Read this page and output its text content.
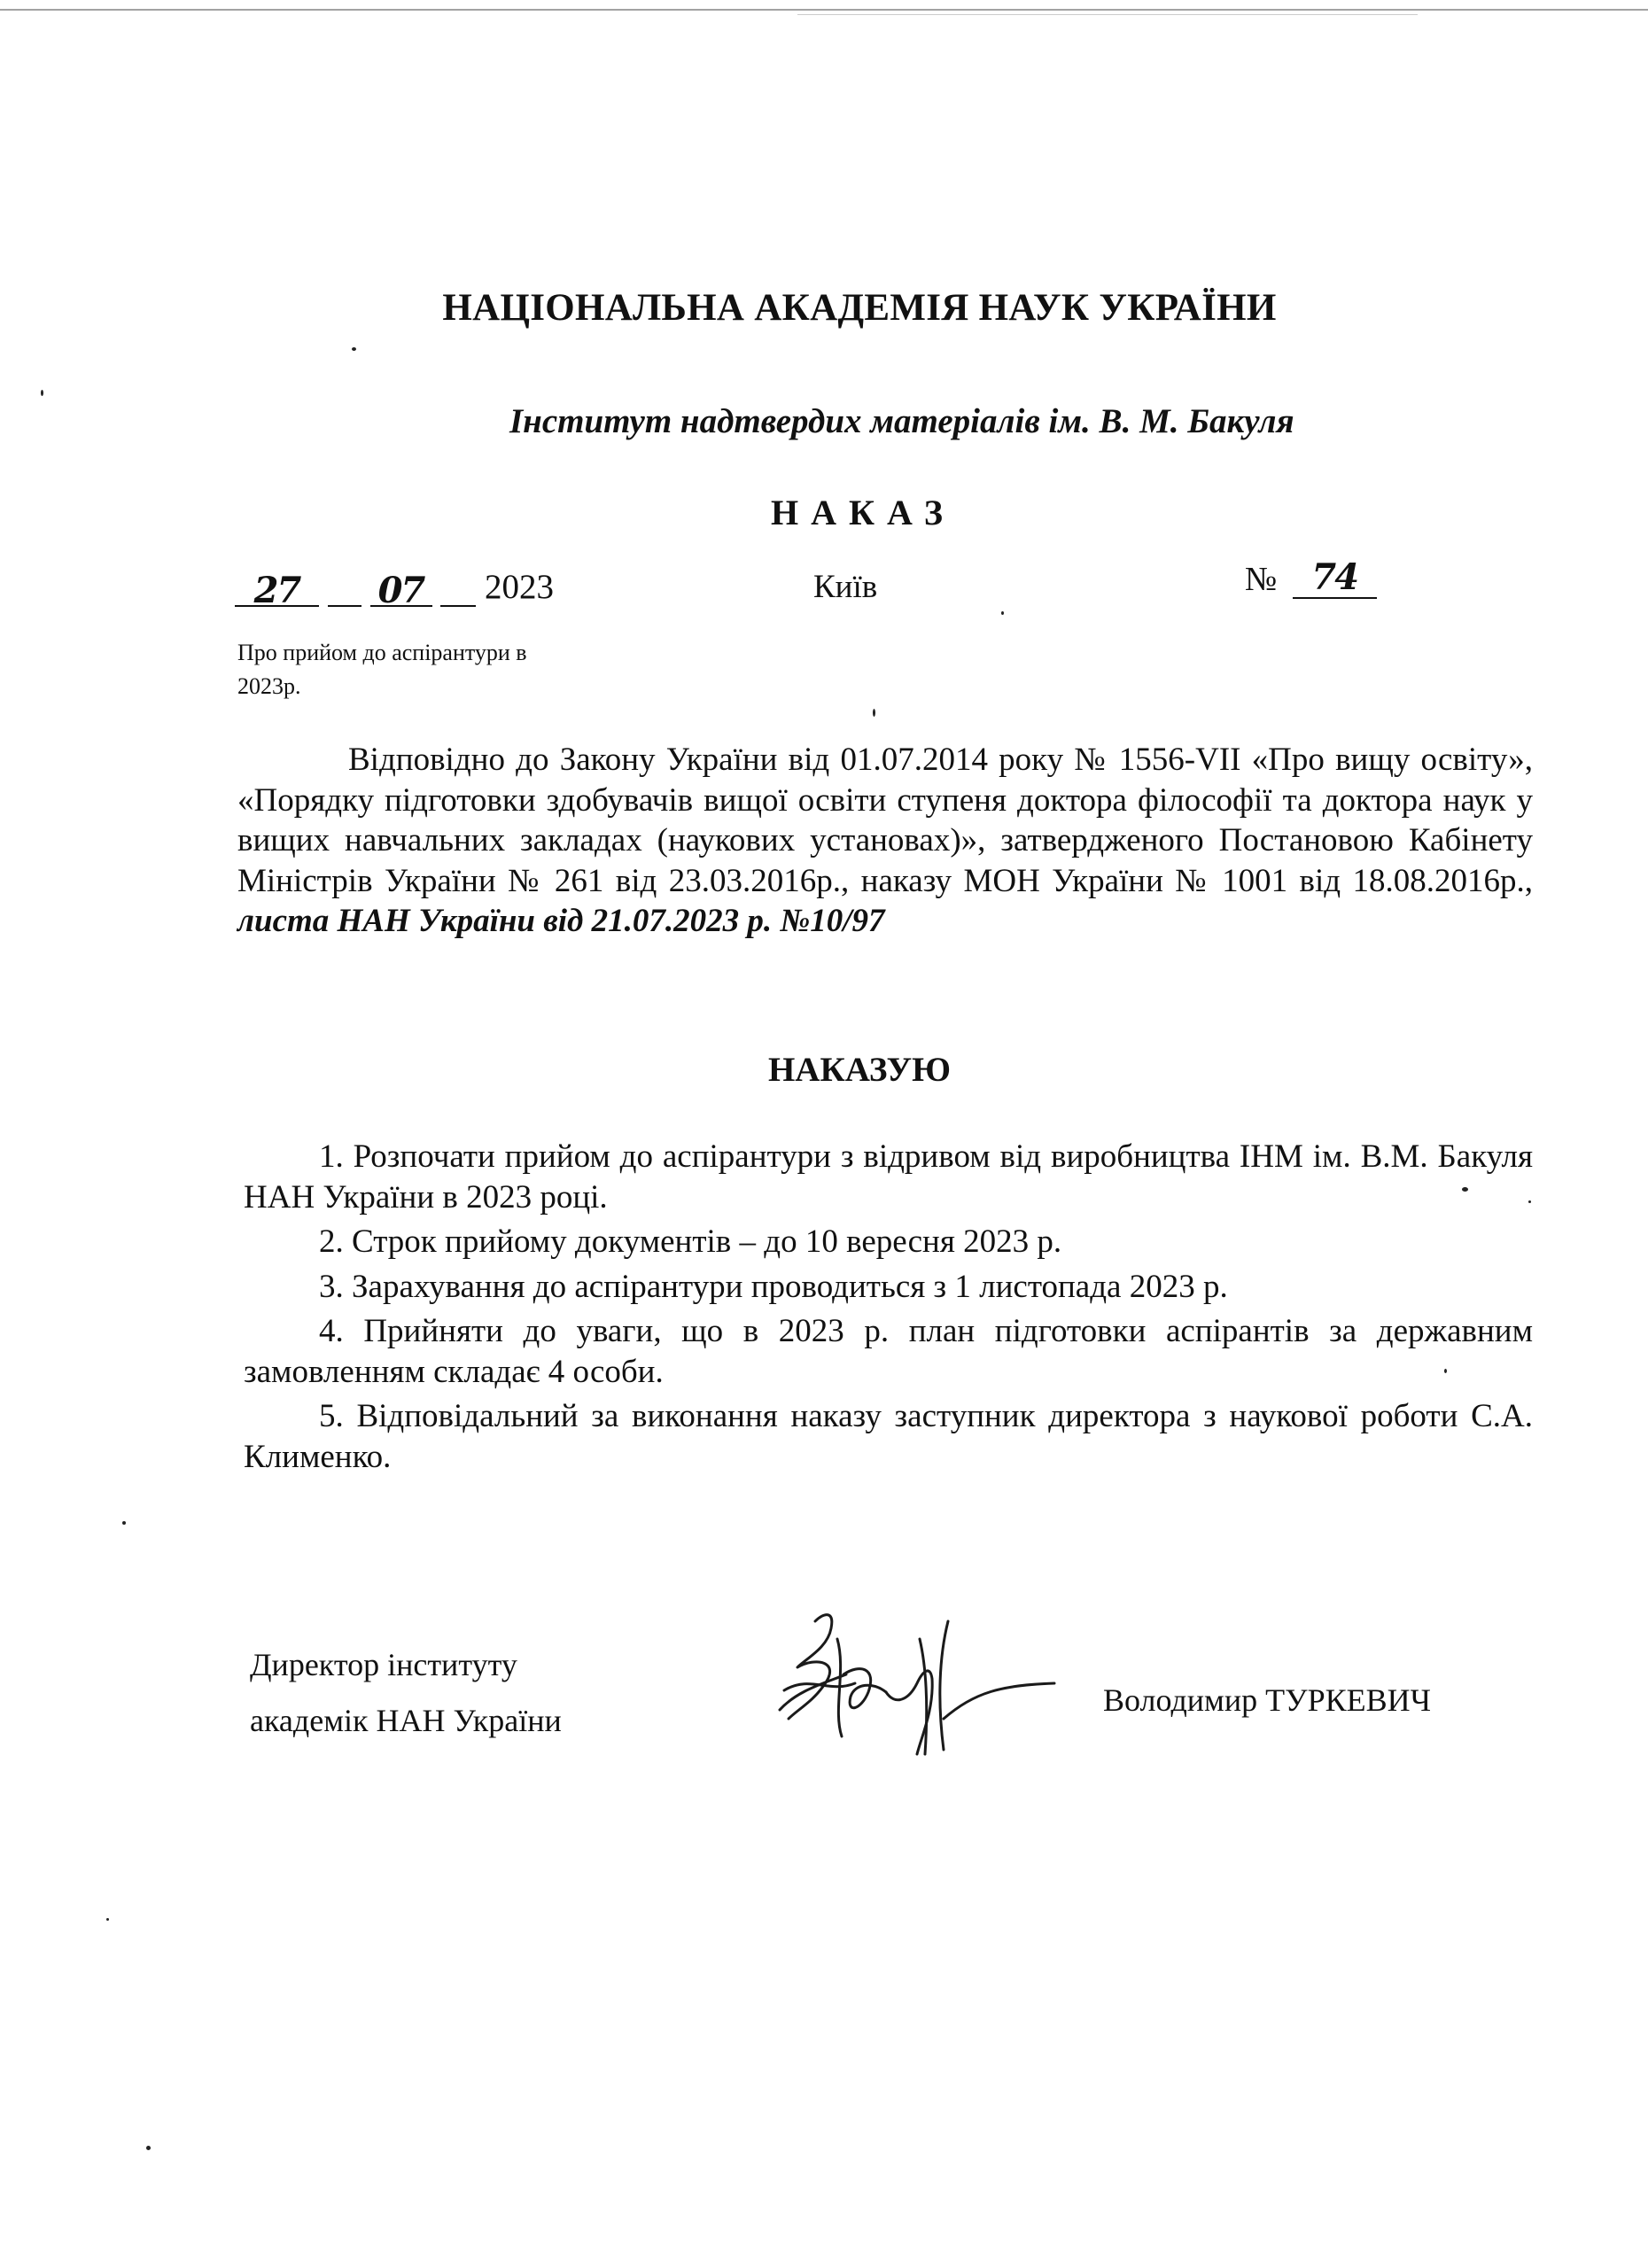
НАЦІОНАЛЬНА АКАДЕМІЯ НАУК УКРАЇНИ
Інститут надтвердих матеріалів ім. В. М. Бакуля
НАКАЗ
27 07 2023	Київ	№ 74
Про прийом до аспірантури в 2023р.

Відповідно до Закону України від 01.07.2014 року № 1556-VII «Про вищу освіту», «Порядку підготовки здобувачів вищої освіти ступеня доктора філософії та доктора наук у вищих навчальних закладах (наукових установах)», затвердженого Постановою Кабінету Міністрів України № 261 від 23.03.2016р., наказу МОН України № 1001 від 18.08.2016р., листа НАН України від 21.07.2023 р. №10/97

НАКАЗУЮ
1. Розпочати прийом до аспірантури з відривом від виробництва ІНМ ім. В.М. Бакуля НАН України в 2023 році.
2. Строк прийому документів – до 10 вересня 2023 р.
3. Зарахування до аспірантури проводиться з 1 листопада 2023 р.
4. Прийняти до уваги, що в 2023 р. план підготовки аспірантів за державним замовленням складає 4 особи.
5. Відповідальний за виконання наказу заступник директора з наукової роботи С.А. Клименко.
Директор інституту
академік НАН України
Володимир ТУРКЕВИЧ
